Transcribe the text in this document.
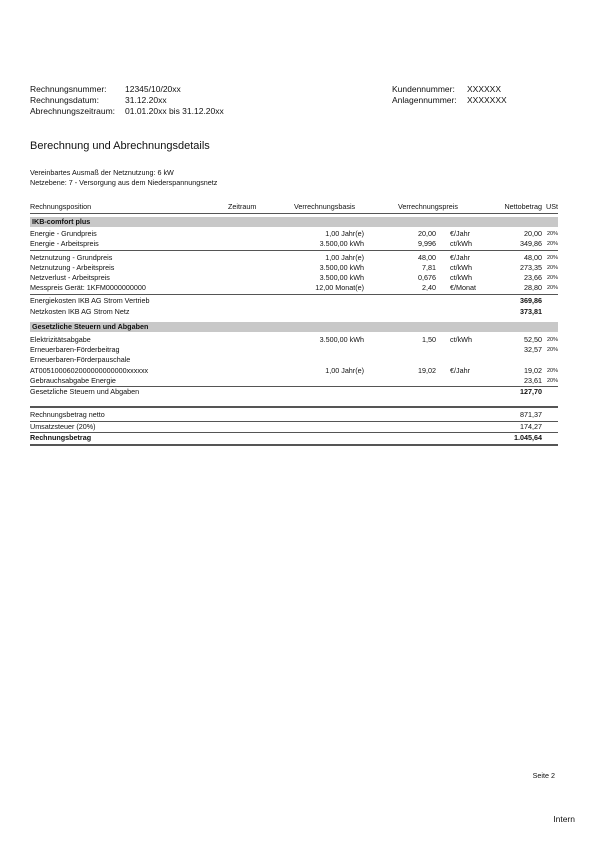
Rechnungsnummer: 12345/10/20xx
Rechnungsdatum:	31.12.20xx
Abrechnungszeitraum: 01.01.20xx bis 31.12.20xx
Kundennummer: XXXXXX
Anlagennummer: XXXXXXX
Berechnung und Abrechnungsdetails
Vereinbartes Ausmaß der Netznutzung: 6 kW
Netzebene: 7 - Versorgung aus dem Niederspannungsnetz
Rechnungsposition	Zeitraum	Verrechnungsbasis	Verrechnungspreis	Nettobetrag USt
IKB-comfort plus
Energie - Grundpreis	1,00 Jahr(e)	20,00 €/Jahr	20,00 20%
Energie - Arbeitspreis	3.500,00 kWh	9,996 ct/kWh	349,86 20%
Netznutzung - Grundpreis	1,00 Jahr(e)	48,00 €/Jahr	48,00 20%
Netznutzung - Arbeitspreis	3.500,00 kWh	7,81 ct/kWh	273,35 20%
Netzverlust - Arbeitspreis	3.500,00 kWh	0,676 ct/kWh	23,66 20%
Messpreis Gerät: 1KFM0000000000	12,00 Monat(e)	2,40 €/Monat	28,80 20%
Energiekosten IKB AG Strom Vertrieb	369,86
Netzkosten IKB AG Strom Netz	373,81
Gesetzliche Steuern und Abgaben
Elektrizitätsabgabe	3.500,00 kWh	1,50 ct/kWh	52,50 20%
Erneuerbaren-Förderbeitrag	32,57 20%
Erneuerbaren-Förderpauschale
AT0051000602000000000000xxxxxx	1,00 Jahr(e)	19,02 €/Jahr	19,02 20%
Gebrauchsabgabe Energie	23,61 20%
Gesetzliche Steuern und Abgaben	127,70
Rechnungsbetrag netto	871,37
Umsatzsteuer (20%)	174,27
Rechnungsbetrag	1.045,64
Seite 2
Intern
